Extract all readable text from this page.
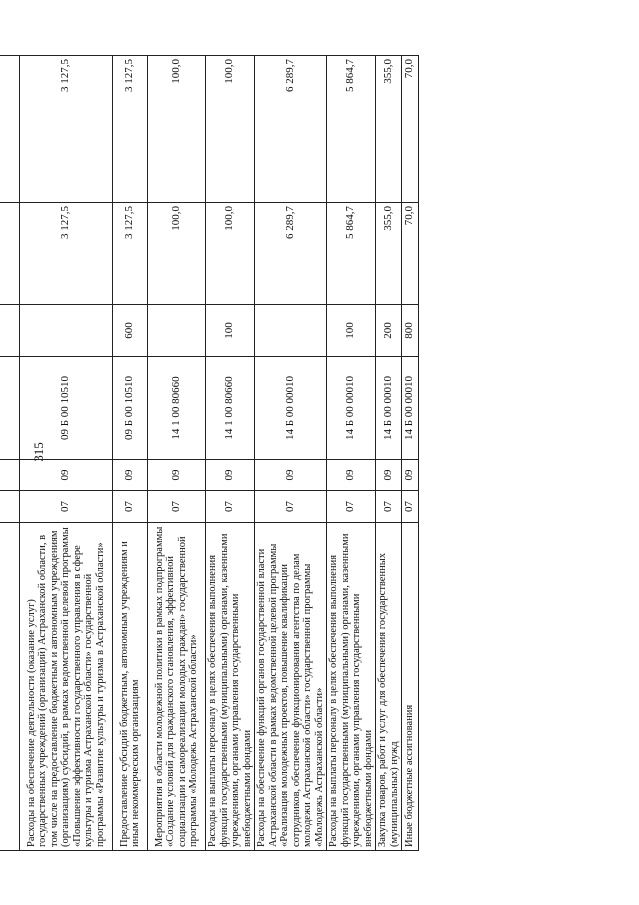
315

Расходы на обеспечение деятельности (оказание услуг) государственных учреждений (организаций) Астраханской области, в том числе на предоставление бюджетным и автономным учреждениям (организациям) субсидий, в рамках ведомственной целевой программы «Повышение эффективности государственного управления в сфере культуры и туризма Астраханской области» государственной программы «Развитие культуры и туризма в Астраханской области»	07	09	09 Б 00 10510		3 127,5	3 127,5
Предоставление субсидий бюджетным, автономным учреждениям и иным некоммерческим организациям	07	09	09 Б 00 10510	600	3 127,5	3 127,5
Мероприятия в области молодежной политики в рамках подпрограммы «Создание условий для гражданского становления, эффективной социализации и самореализации молодых граждан» государственной программы «Молодежь Астраханской области»	07	09	14 1 00 80660		100,0	100,0
Расходы на выплаты персоналу в целях обеспечения выполнения функций государственными (муниципальными) органами, казенными учреждениями, органами управления государственными внебюджетными фондами	07	09	14 1 00 80660	100	100,0	100,0
Расходы на обеспечение функций органов государственной власти Астраханской области в рамках ведомственной целевой программы «Реализация молодежных проектов, повышение квалификации сотрудников, обеспечение функционирования агентства по делам молодежи Астраханской области» государственной программы «Молодежь Астраханской области»	07	09	14 Б 00 00010		6 289,7	6 289,7
Расходы на выплаты персоналу в целях обеспечения выполнения функций государственными (муниципальными) органами, казенными учреждениями, органами управления государственными внебюджетными фондами	07	09	14 Б 00 00010	100	5 864,7	5 864,7
Закупка товаров, работ и услуг для обеспечения государственных (муниципальных) нужд	07	09	14 Б 00 00010	200	355,0	355,0
Иные бюджетные ассигнования	07	09	14 Б 00 00010	800	70,0	70,0
